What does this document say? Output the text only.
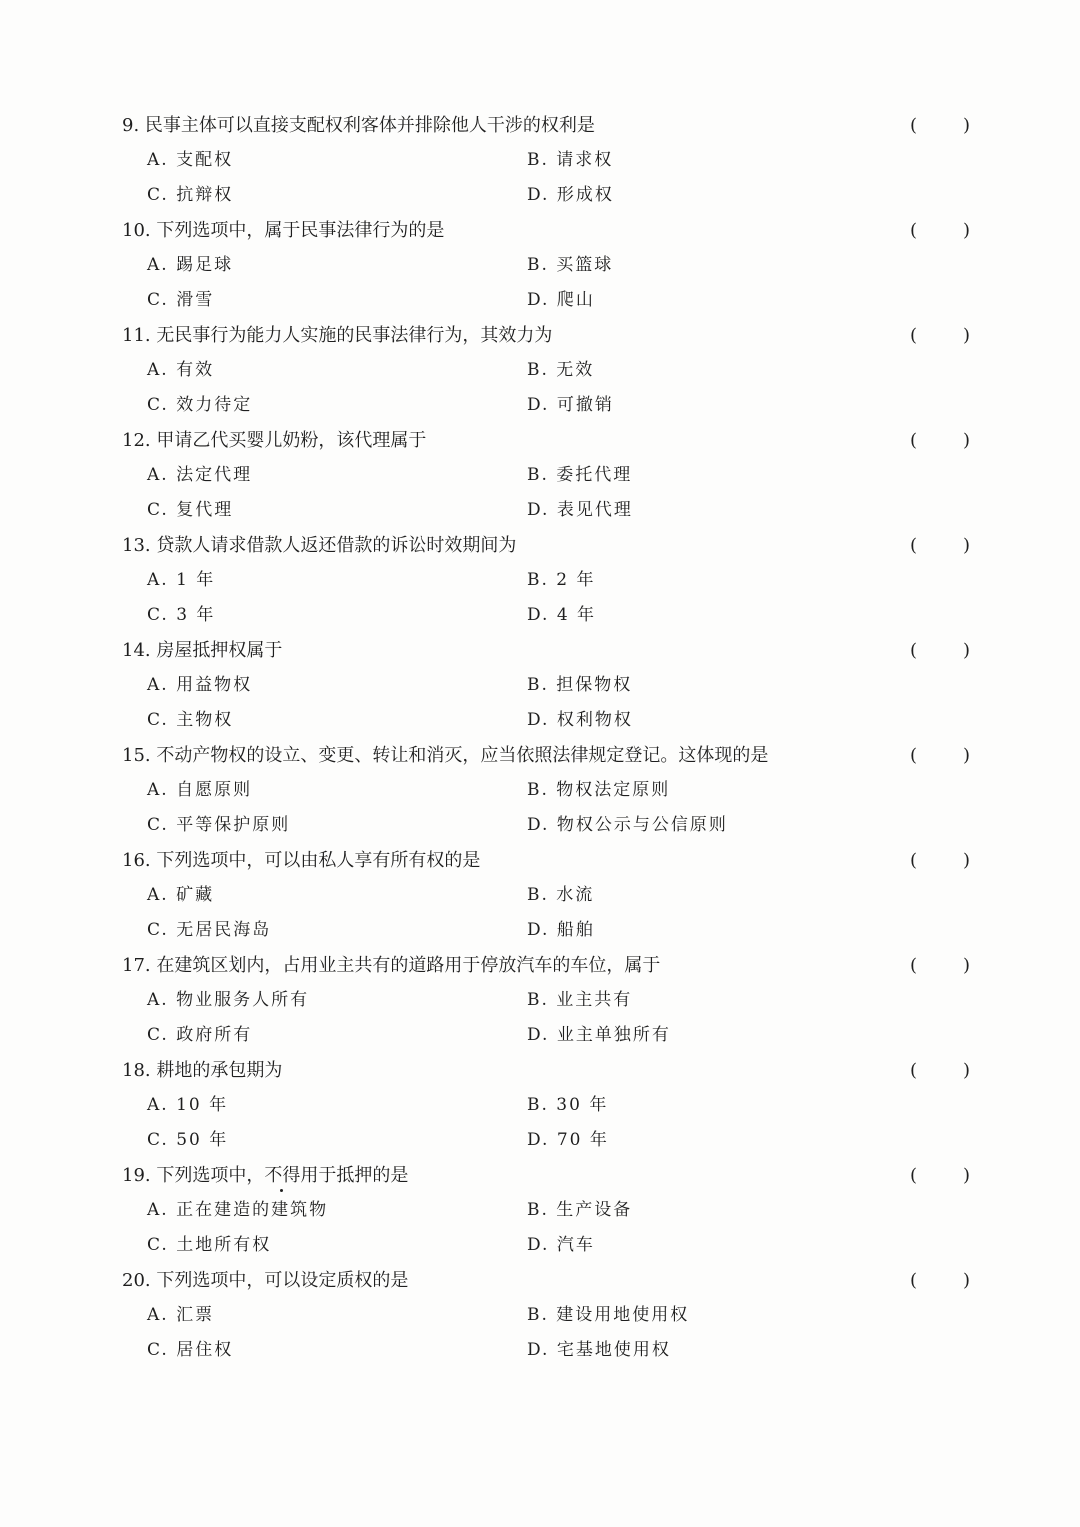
9. 民事主体可以直接支配权利客体并排除他人干涉的权利是	(	)
A. 支配权	B. 请求权
C. 抗辩权	D. 形成权
10. 下列选项中，属于民事法律行为的是	(	)
A. 踢足球	B. 买篮球
C. 滑雪	D. 爬山
11. 无民事行为能力人实施的民事法律行为，其效力为	(	)
A. 有效	B. 无效
C. 效力待定	D. 可撤销
12. 甲请乙代买婴儿奶粉，该代理属于	(	)
A. 法定代理	B. 委托代理
C. 复代理	D. 表见代理
13. 贷款人请求借款人返还借款的诉讼时效期间为	(	)
A. 1 年	B. 2 年
C. 3 年	D. 4 年
14. 房屋抵押权属于	(	)
A. 用益物权	B. 担保物权
C. 主物权	D. 权利物权
15. 不动产物权的设立、变更、转让和消灭，应当依照法律规定登记。这体现的是	(	)
A. 自愿原则	B. 物权法定原则
C. 平等保护原则	D. 物权公示与公信原则
16. 下列选项中，可以由私人享有所有权的是	(	)
A. 矿藏	B. 水流
C. 无居民海岛	D. 船舶
17. 在建筑区划内，占用业主共有的道路用于停放汽车的车位，属于	(	)
A. 物业服务人所有	B. 业主共有
C. 政府所有	D. 业主单独所有
18. 耕地的承包期为	(	)
A. 10 年	B. 30 年
C. 50 年	D. 70 年
19. 下列选项中，不得用于抵押的是	(	)
A. 正在建造的建筑物	B. 生产设备
C. 土地所有权	D. 汽车
20. 下列选项中，可以设定质权的是	(	)
A. 汇票	B. 建设用地使用权
C. 居住权	D. 宅基地使用权
